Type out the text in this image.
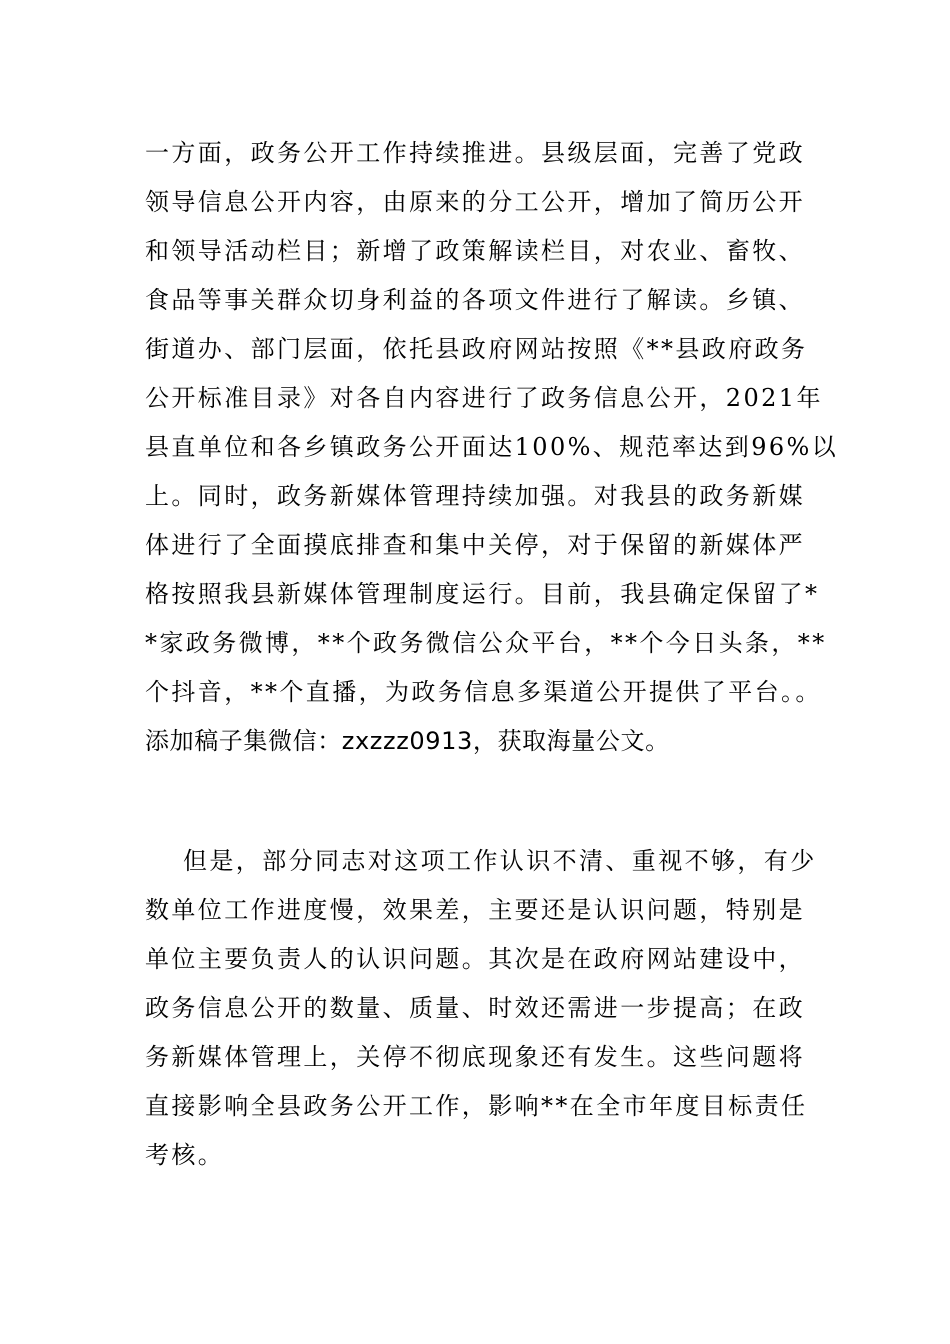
一方面，政务公开工作持续推进。县级层面，完善了党政
领导信息公开内容，由原来的分工公开，增加了简历公开
和领导活动栏目；新增了政策解读栏目，对农业、畜牧、
食品等事关群众切身利益的各项文件进行了解读。乡镇、
街道办、部门层面，依托县政府网站按照《**县政府政务
公开标准目录》对各自内容进行了政务信息公开，2021年
县直单位和各乡镇政务公开面达100%、规范率达到96%以
上。同时，政务新媒体管理持续加强。对我县的政务新媒
体进行了全面摸底排查和集中关停，对于保留的新媒体严
格按照我县新媒体管理制度运行。目前，我县确定保留了*
*家政务微博，**个政务微信公众平台，**个今日头条，**
个抖音，**个直播，为政务信息多渠道公开提供了平台。。
添加稿子集微信：zxzzz0913，获取海量公文。
但是，部分同志对这项工作认识不清、重视不够，有少
数单位工作进度慢，效果差，主要还是认识问题，特别是
单位主要负责人的认识问题。其次是在政府网站建设中，
政务信息公开的数量、质量、时效还需进一步提高；在政
务新媒体管理上，关停不彻底现象还有发生。这些问题将
直接影响全县政务公开工作，影响**在全市年度目标责任
考核。
